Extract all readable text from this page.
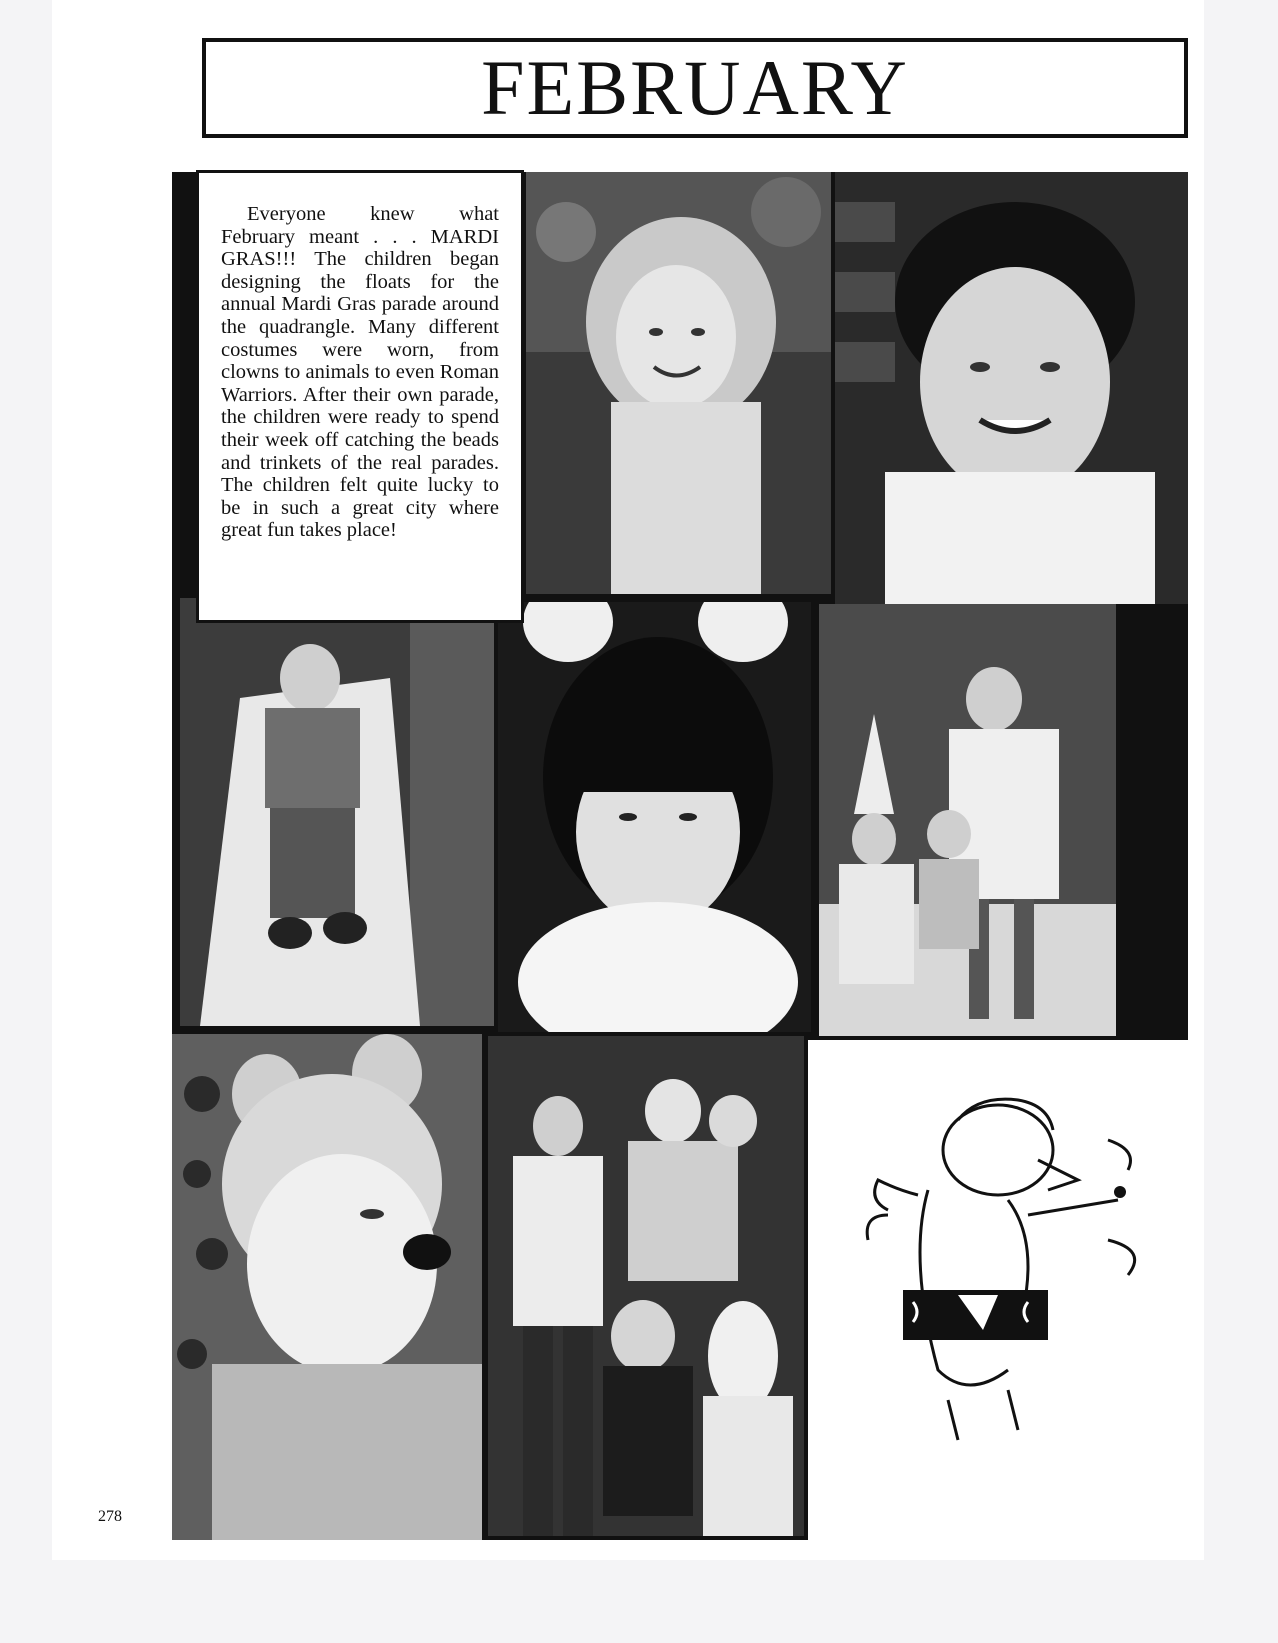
FEBRUARY

Everyone knew what February meant . . . MARDI GRAS!!! The children began designing the floats for the annual Mardi Gras parade around the quadrangle. Many different costumes were worn, from clowns to animals to even Roman Warriors. After their own parade, the children were ready to spend their week off catching the beads and trinkets of the real parades. The children felt quite lucky to be in such a great city where great fun takes place!

278
